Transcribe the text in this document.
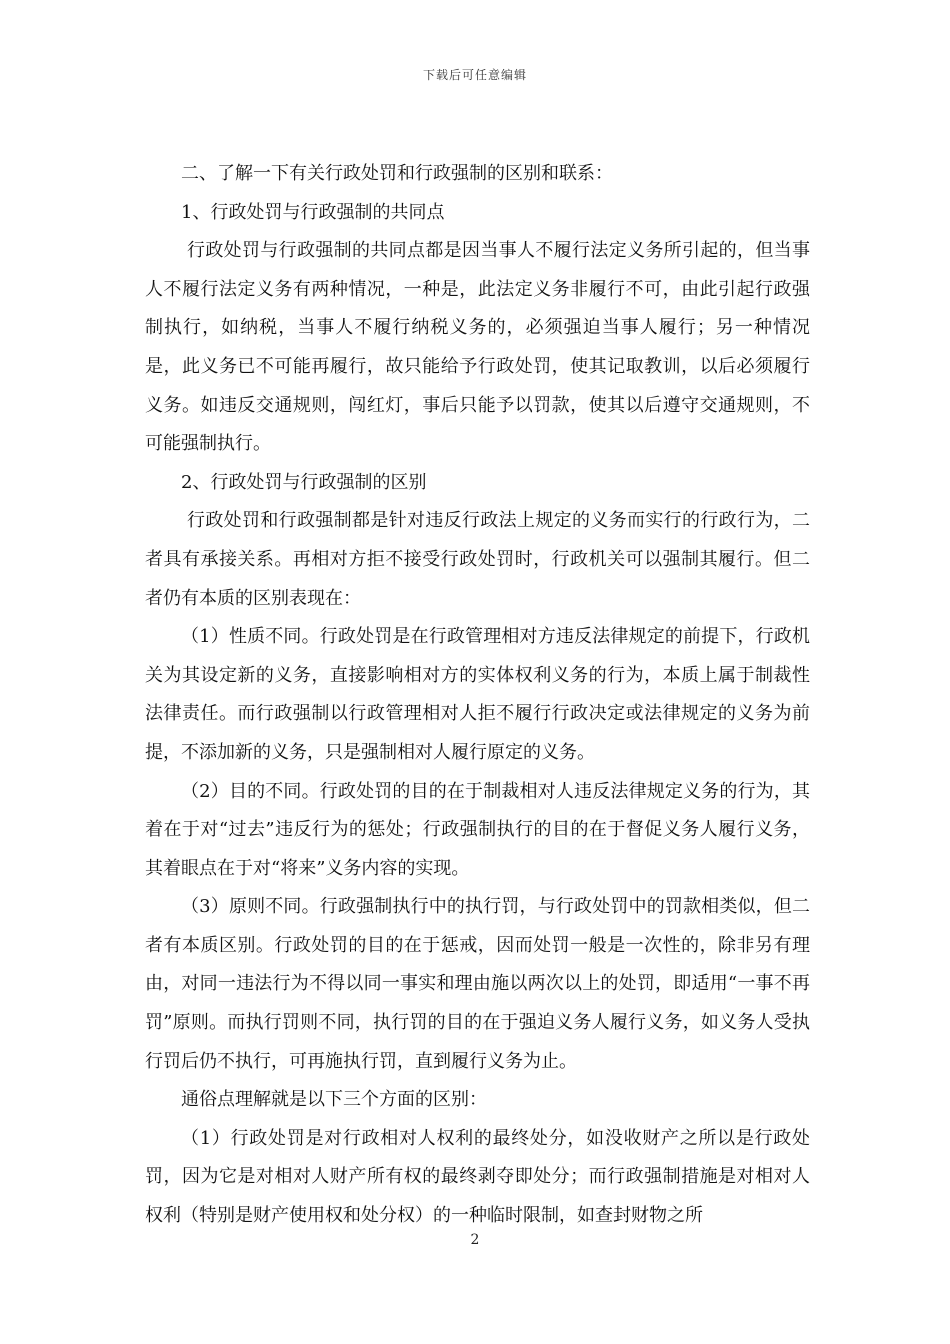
下载后可任意编辑

二、了解一下有关行政处罚和行政强制的区别和联系：

1、行政处罚与行政强制的共同点

行政处罚与行政强制的共同点都是因当事人不履行法定义务所引起的，但当事人不履行法定义务有两种情况，一种是，此法定义务非履行不可，由此引起行政强制执行，如纳税，当事人不履行纳税义务的，必须强迫当事人履行；另一种情况是，此义务已不可能再履行，故只能给予行政处罚，使其记取教训，以后必须履行义务。如违反交通规则，闯红灯，事后只能予以罚款，使其以后遵守交通规则，不可能强制执行。

2、行政处罚与行政强制的区别

行政处罚和行政强制都是针对违反行政法上规定的义务而实行的行政行为，二者具有承接关系。再相对方拒不接受行政处罚时，行政机关可以强制其履行。但二者仍有本质的区别表现在：

（1）性质不同。行政处罚是在行政管理相对方违反法律规定的前提下，行政机关为其设定新的义务，直接影响相对方的实体权利义务的行为，本质上属于制裁性法律责任。而行政强制以行政管理相对人拒不履行行政决定或法律规定的义务为前提，不添加新的义务，只是强制相对人履行原定的义务。

（2）目的不同。行政处罚的目的在于制裁相对人违反法律规定义务的行为，其着在于对“过去”违反行为的惩处；行政强制执行的目的在于督促义务人履行义务，其着眼点在于对“将来”义务内容的实现。

（3）原则不同。行政强制执行中的执行罚，与行政处罚中的罚款相类似，但二者有本质区别。行政处罚的目的在于惩戒，因而处罚一般是一次性的，除非另有理由，对同一违法行为不得以同一事实和理由施以两次以上的处罚，即适用“一事不再罚”原则。而执行罚则不同，执行罚的目的在于强迫义务人履行义务，如义务人受执行罚后仍不执行，可再施执行罚，直到履行义务为止。

通俗点理解就是以下三个方面的区别：

（1）行政处罚是对行政相对人权利的最终处分，如没收财产之所以是行政处罚，因为它是对相对人财产所有权的最终剥夺即处分；而行政强制措施是对相对人权利（特别是财产使用权和处分权）的一种临时限制，如查封财物之所

2
